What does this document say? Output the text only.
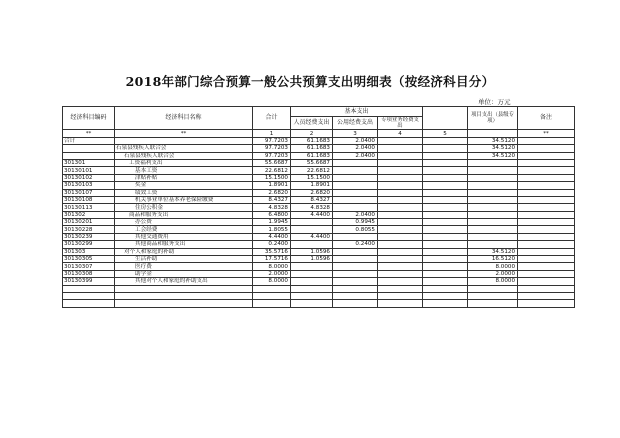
2018年部门综合预算一般公共预算支出明细表（按经济科目分）
单位：万元
经济科目编码	经济科目名称	合计	基本支出				项目支出（县级专项）	备注
			人员经费支出	公用经费支出	专项业务经费支出			
**	**	1	2	3	4	5		**
合计		97.7203	61.1683	2.0400			34.5120	
	石泉县残疾人联合会	97.7203	61.1683	2.0400			34.5120	
	石泉县残疾人联合会	97.7203	61.1683	2.0400			34.5120	
301301	工资福利支出	55.6687	55.6687					
30130101	基本工资	22.6812	22.6812					
30130102	津贴补贴	15.1500	15.1500					
30130103	奖金	1.8901	1.8901					
30130107	绩效工资	2.6820	2.6820					
30130108	机关事业单位基本养老保险缴费	8.4327	8.4327					
30130113	住房公积金	4.8328	4.8328					
301302	商品和服务支出	6.4800	4.4400	2.0400				
30130201	办公费	1.9945		0.9945				
30130228	工会经费	1.8055		0.8055				
30130239	其他交通费用	4.4400	4.4400					
30130299	其他商品和服务支出	0.2400		0.2400				
301303	对个人和家庭的补助	35.5716	1.0596				34.5120	
30130305	生活补助	17.5716	1.0596				16.5120	
30130307	医疗费	8.0000					8.0000	
30130308	助学金	2.0000					2.0000	
30130399	其他对个人和家庭的补助支出	8.0000					8.0000	
